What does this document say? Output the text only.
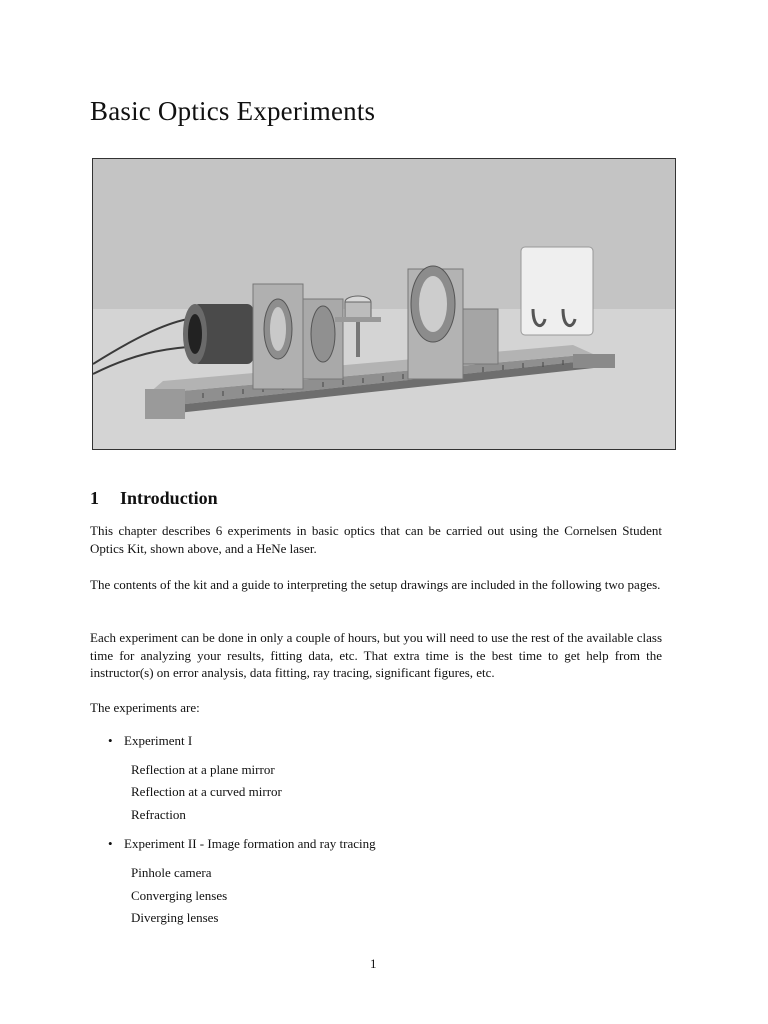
Basic Optics Experiments
1 Introduction

This chapter describes 6 experiments in basic optics that can be carried out using the Cornelsen Student Optics Kit, shown above, and a HeNe laser.

The contents of the kit and a guide to interpreting the setup drawings are included in the following two pages.

Each experiment can be done in only a couple of hours, but you will need to use the rest of the available class time for analyzing your results, fitting data, etc. That extra time is the best time to get help from the instructor(s) on error analysis, data fitting, ray tracing, significant figures, etc.

The experiments are:

• Experiment I

Reflection at a plane mirror

Reflection at a curved mirror

Refraction

• Experiment II - Image formation and ray tracing

Pinhole camera

Converging lenses

Diverging lenses

1
